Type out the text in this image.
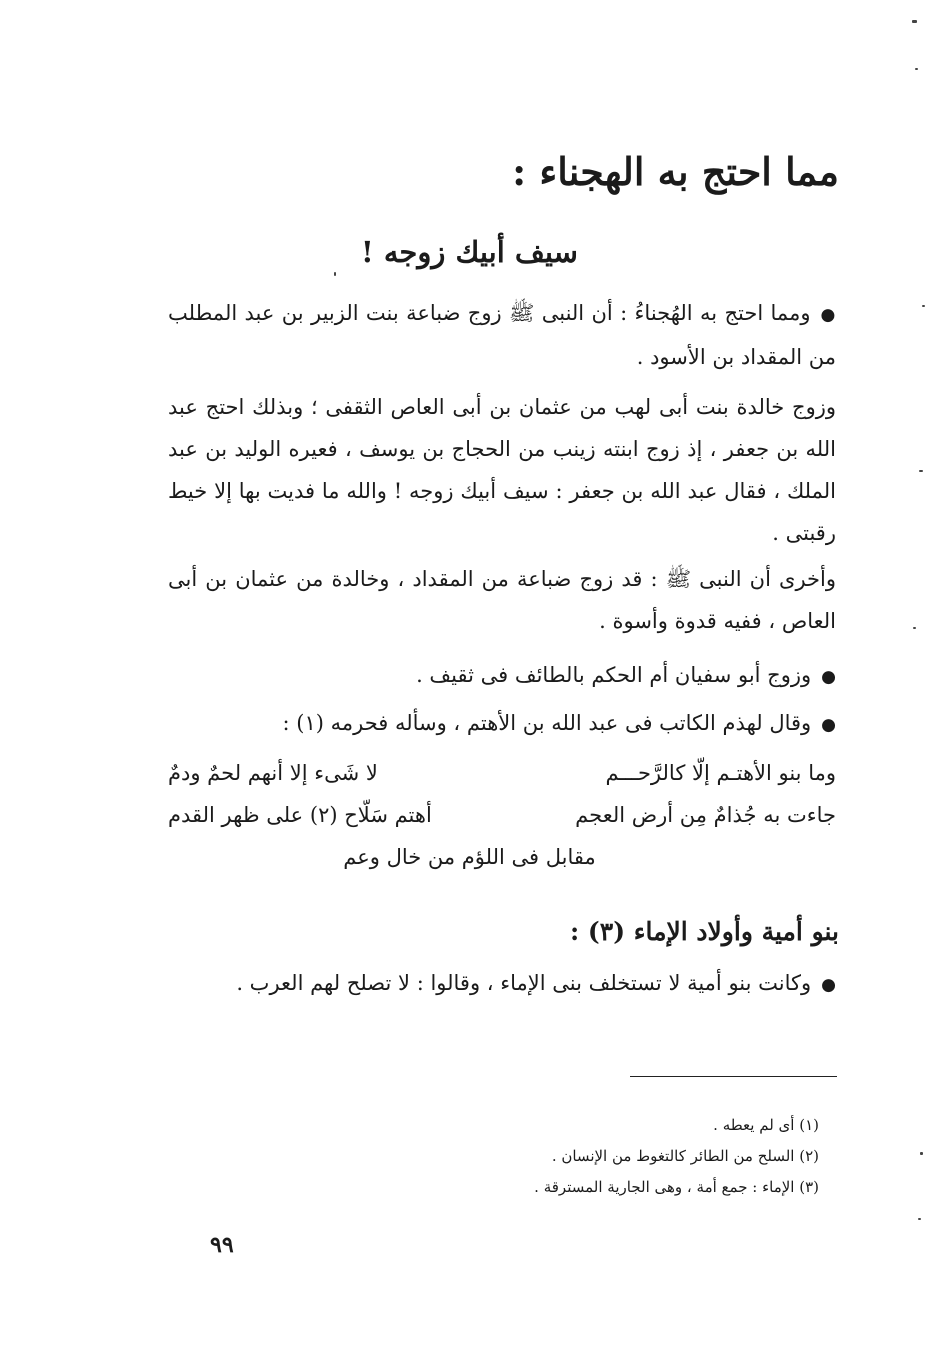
مما احتج به الهجناء :
سيف أبيك زوجه !
●ومما احتج به الهُجناءُ : أن النبى ﷺ زوج ضباعة بنت الزبير بن عبد المطلب من المقداد بن الأسود .
وزوج خالدة بنت أبى لهب من عثمان بن أبى العاص الثقفى ؛ وبذلك احتج عبد الله بن جعفر ، إذ زوج ابنته زينب من الحجاج بن يوسف ، فعيره الوليد بن عبد الملك ، فقال عبد الله بن جعفر : سيف أبيك زوجه ! والله ما فديت بها إلا خيط رقبتى .
وأخرى أن النبى ﷺ : قد زوج ضباعة من المقداد ، وخالدة من عثمان بن أبى العاص ، ففيه قدوة وأسوة .
●وزوج أبو سفيان أم الحكم بالطائف فى ثقيف .
●وقال لهذم الكاتب فى عبد الله بن الأهتم ، وسأله فحرمه (١) :
وما بنو الأهتـم إلّا كالرَّحـــم
لا شَىء إلا أنهم لحمٌ ودمٌ
جاءت به جُذامٌ مِن أرض العجم
أهتم سَلّاح (٢) على ظهر القدم
مقابل فى اللؤم من خال وعم
بنو أمية وأولاد الإماء (٣) :
●وكانت بنو أمية لا تستخلف بنى الإماء ، وقالوا : لا تصلح لهم العرب .
(١) أى لم يعطه .
(٢) السلح من الطائر كالتغوط من الإنسان .
(٣) الإماء : جمع أمة ، وهى الجارية المسترقة .
٩٩
